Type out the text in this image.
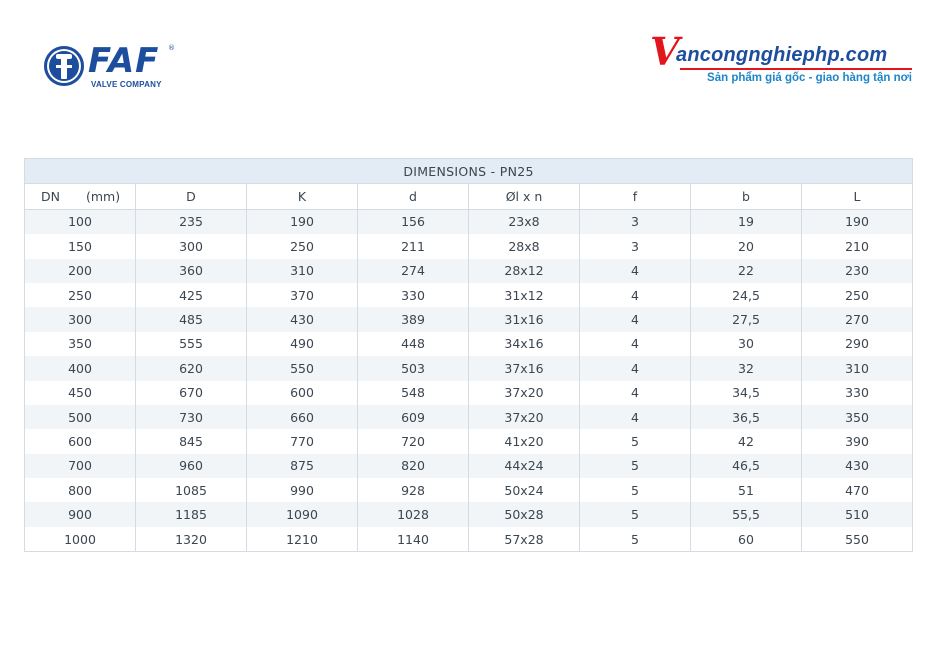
FAF ®
VALVE COMPANY
V
ancongnghiephp.com
Sản phẩm giá gốc - giao hàng tận nơi
DIMENSIONS - PN25							
DN (mm)	D	K	d	Øl x n	f	b	L
100	235	190	156	23x8	3	19	190
150	300	250	211	28x8	3	20	210
200	360	310	274	28x12	4	22	230
250	425	370	330	31x12	4	24,5	250
300	485	430	389	31x16	4	27,5	270
350	555	490	448	34x16	4	30	290
400	620	550	503	37x16	4	32	310
450	670	600	548	37x20	4	34,5	330
500	730	660	609	37x20	4	36,5	350
600	845	770	720	41x20	5	42	390
700	960	875	820	44x24	5	46,5	430
800	1085	990	928	50x24	5	51	470
900	1185	1090	1028	50x28	5	55,5	510
1000	1320	1210	1140	57x28	5	60	550
